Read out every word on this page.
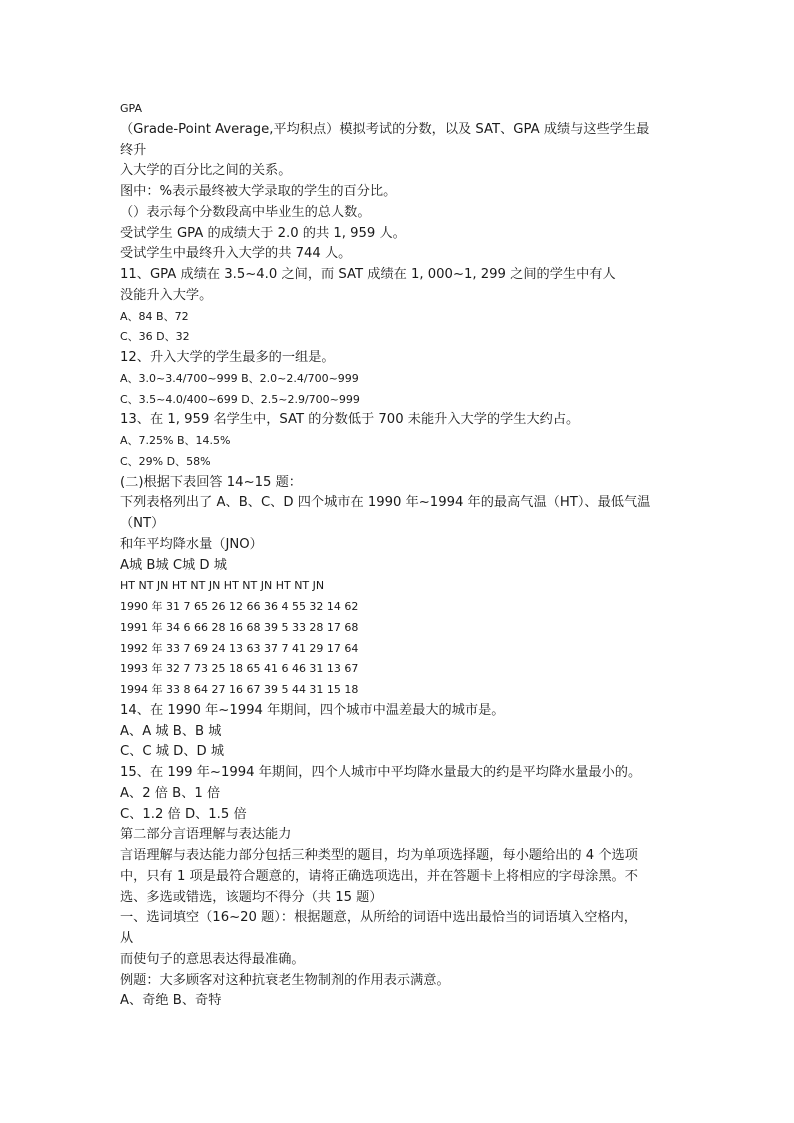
GPA
（Grade-Point Average,平均积点）模拟考试的分数，以及 SAT、GPA 成绩与这些学生最
终升
入大学的百分比之间的关系。
图中：%表示最终被大学录取的学生的百分比。
（）表示每个分数段高中毕业生的总人数。
受试学生 GPA 的成绩大于 2.0 的共 1, 959 人。
受试学生中最终升入大学的共 744 人。
11、GPA 成绩在 3.5~4.0 之间，而 SAT 成绩在 1, 000~1, 299 之间的学生中有人
没能升入大学。
A、84 B、72
C、36 D、32
12、升入大学的学生最多的一组是。
A、3.0~3.4/700~999 B、2.0~2.4/700~999
C、3.5~4.0/400~699 D、2.5~2.9/700~999
13、在 1, 959 名学生中，SAT 的分数低于 700 未能升入大学的学生大约占。
A、7.25% B、14.5%
C、29% D、58%
(二)根据下表回答 14~15 题：
下列表格列出了 A、B、C、D 四个城市在 1990 年~1994 年的最高气温（HT）、最低气温
（NT）
和年平均降水量（JNO）
A城 B城 C城 D 城
HT NT JN HT NT JN HT NT JN HT NT JN
1990 年 31 7 65 26 12 66 36 4 55 32 14 62
1991 年 34 6 66 28 16 68 39 5 33 28 17 68
1992 年 33 7 69 24 13 63 37 7 41 29 17 64
1993 年 32 7 73 25 18 65 41 6 46 31 13 67
1994 年 33 8 64 27 16 67 39 5 44 31 15 18
14、在 1990 年~1994 年期间，四个城市中温差最大的城市是。
A、A 城 B、B 城
C、C 城 D、D 城
15、在 199 年~1994 年期间，四个人城市中平均降水量最大的约是平均降水量最小的。
A、2 倍 B、1 倍
C、1.2 倍 D、1.5 倍
第二部分言语理解与表达能力
言语理解与表达能力部分包括三种类型的题目，均为单项选择题，每小题给出的 4 个选项
中，只有 1 项是最符合题意的，请将正确选项选出，并在答题卡上将相应的字母涂黑。不
选、多选或错选，该题均不得分（共 15 题）
一、选词填空（16~20 题）：根据题意，从所给的词语中选出最恰当的词语填入空格内，
从
而使句子的意思表达得最准确。
例题：大多顾客对这种抗衰老生物制剂的作用表示满意。
A、奇绝 B、奇特
